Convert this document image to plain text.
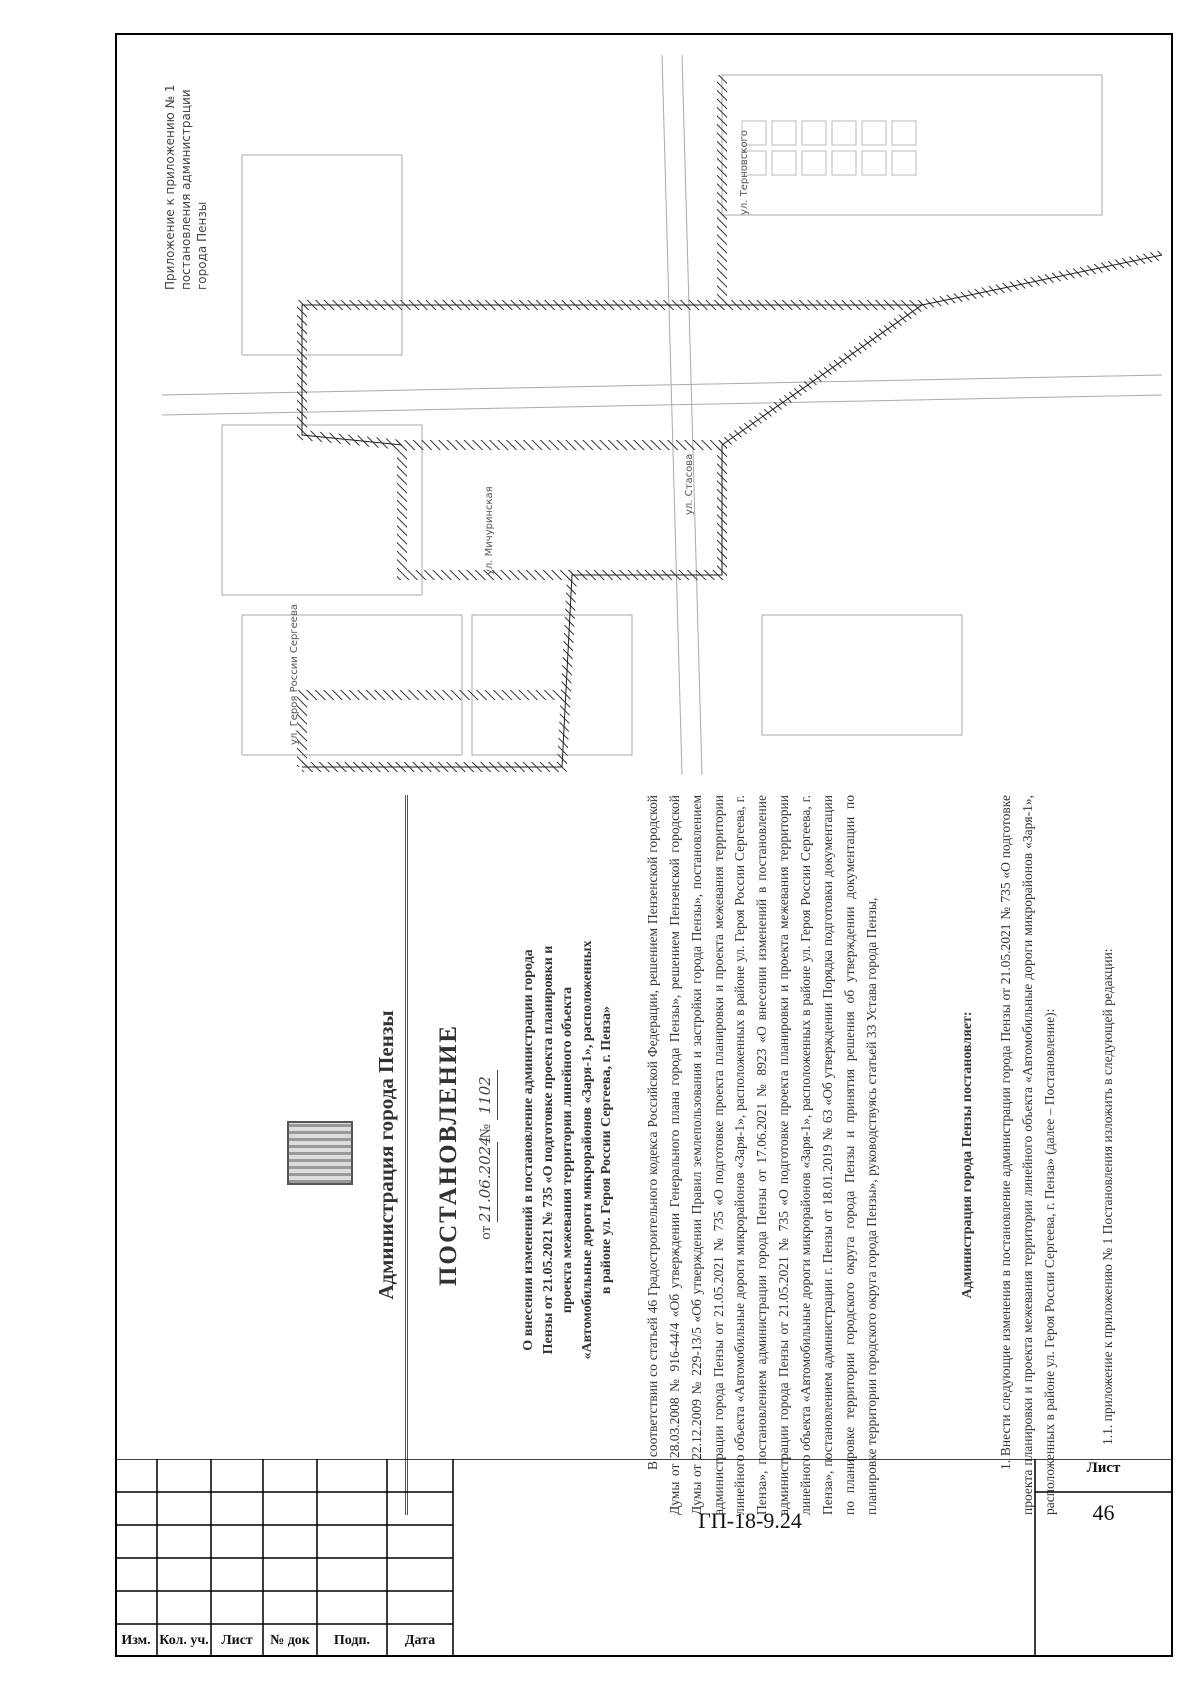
Администрация города Пензы ПОСТАНОВЛЕНИЕ	от 21.06.2024 № 1102	О внесении изменений в постановление администрации города Пензы от 21.05.2021 № 735 «О подготовке проекта планировки и проекта межевания территории линейного объекта «Автомобильные дороги микрорайонов «Заря-1», расположенных в районе ул. Героя России Сергеева, г. Пенза» В соответствии со статьей 46 Градостроительного кодекса Российской Федерации, решением Пензенской городской Думы от 28.03.2008 № 916-44/4 «Об утверждении Генерального плана города Пензы», решением Пензенской городской Думы от 22.12.2009 № 229-13/5 «Об утверждении Правил землепользования и застройки города Пензы», постановлением администрации города Пензы от 21.05.2021 № 735 «О подготовке проекта планировки и проекта межевания территории линейного объекта «Автомобильные дороги микрорайонов «Заря-1», расположенных в районе ул. Героя России Сергеева, г. Пенза», постановлением администрации города Пензы от 17.06.2021 № 8923 «О внесении изменений в постановление администрации города Пензы от 21.05.2021 № 735 «О подготовке проекта планировки и проекта межевания территории линейного объекта «Автомобильные дороги микрорайонов «Заря-1», расположенных в районе ул. Героя России Сергеева, г. Пенза», постановлением администрации г. Пензы от 18.01.2019 № 63 «Об утверждении Порядка подготовки документации по планировке территории городского округа города Пензы и принятия решения об утверждении документации по планировке территории городского округа города Пензы», руководствуясь статьей 33 Устава города Пензы,	Администрация города Пензы постановляет:	1. Внести следующие изменения в постановление администрации города Пензы от 21.05.2021 № 735 «О подготовке проекта планировки и проекта межевания территории линейного объекта «Автомобильные дороги микрорайонов «Заря-1», расположенных в районе ул. Героя России Сергеева, г. Пенза» (далее – Постановление):	1.1. приложение к приложению № 1 Постановления изложить в следующей редакции:
ул. Героя России Сергеева
ул. Мичуринская
ул. Терновского
ул. Стасова
Приложение к приложению № 1 постановления администрации города Пензы
Изм. Кол. уч. Лист	№ док	Подп.	Дата
ГП-18-9.24
Лист
46
